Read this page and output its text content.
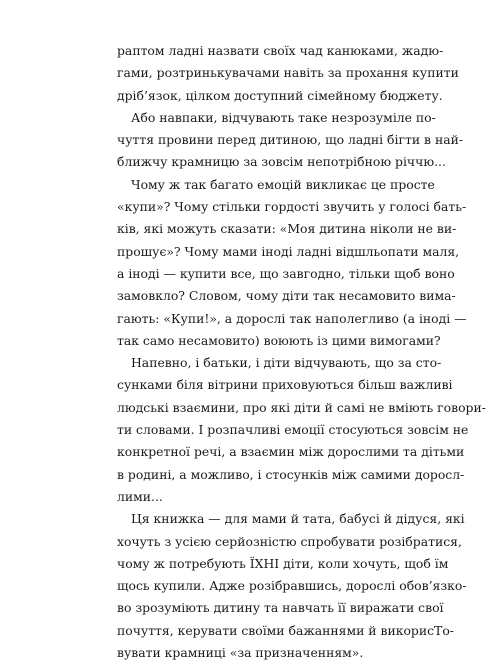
раптом ладні назвати своїх чад канюками, жадю-
гами, розтринькувачами навіть за прохання купити
дріб’язок, цілком доступний сімейному бюджету.
Або навпаки, відчувають таке незрозуміле по-
чуття провини перед дитиною, що ладні бігти в най-
ближчу крамницю за зовсім непотрібною річчю...
Чому ж так багато емоцій викликає це просте
«купи»? Чому стільки гордості звучить у голосі бать-
ків, які можуть сказати: «Моя дитина ніколи не ви-
прошує»? Чому мами іноді ладні відшльопати маля,
а іноді — купити все, що завгодно, тільки щоб воно
замовкло? Словом, чому діти так несамовито вима-
гають: «Купи!», а дорослі так наполегливо (а іноді —
так само несамовито) воюють із цими вимогами?
Напевно, і батьки, і діти відчувають, що за сто-
сунками біля вітрини приховуються більш важливі
людські взаємини, про які діти й самі не вміють говори-
ти словами. І розпачливі емоції стосуються зовсім не
конкретної речі, а взаємин між дорослими та дітьми
в родині, а можливо, і стосунків між самими доросл-
лими...
Ця книжка — для мами й тата, бабусі й дідуся, які
хочуть з усією серйозністю спробувати розібратися,
чому ж потребують ЇХНІ діти, коли хочуть, щоб їм
щось купили. Адже розібравшись, дорослі обов’язко-
во зрозуміють дитину та навчать її виражати свої
почуття, керувати своїми бажаннями й викорисТо-
вувати крамниці «за призначенням».
